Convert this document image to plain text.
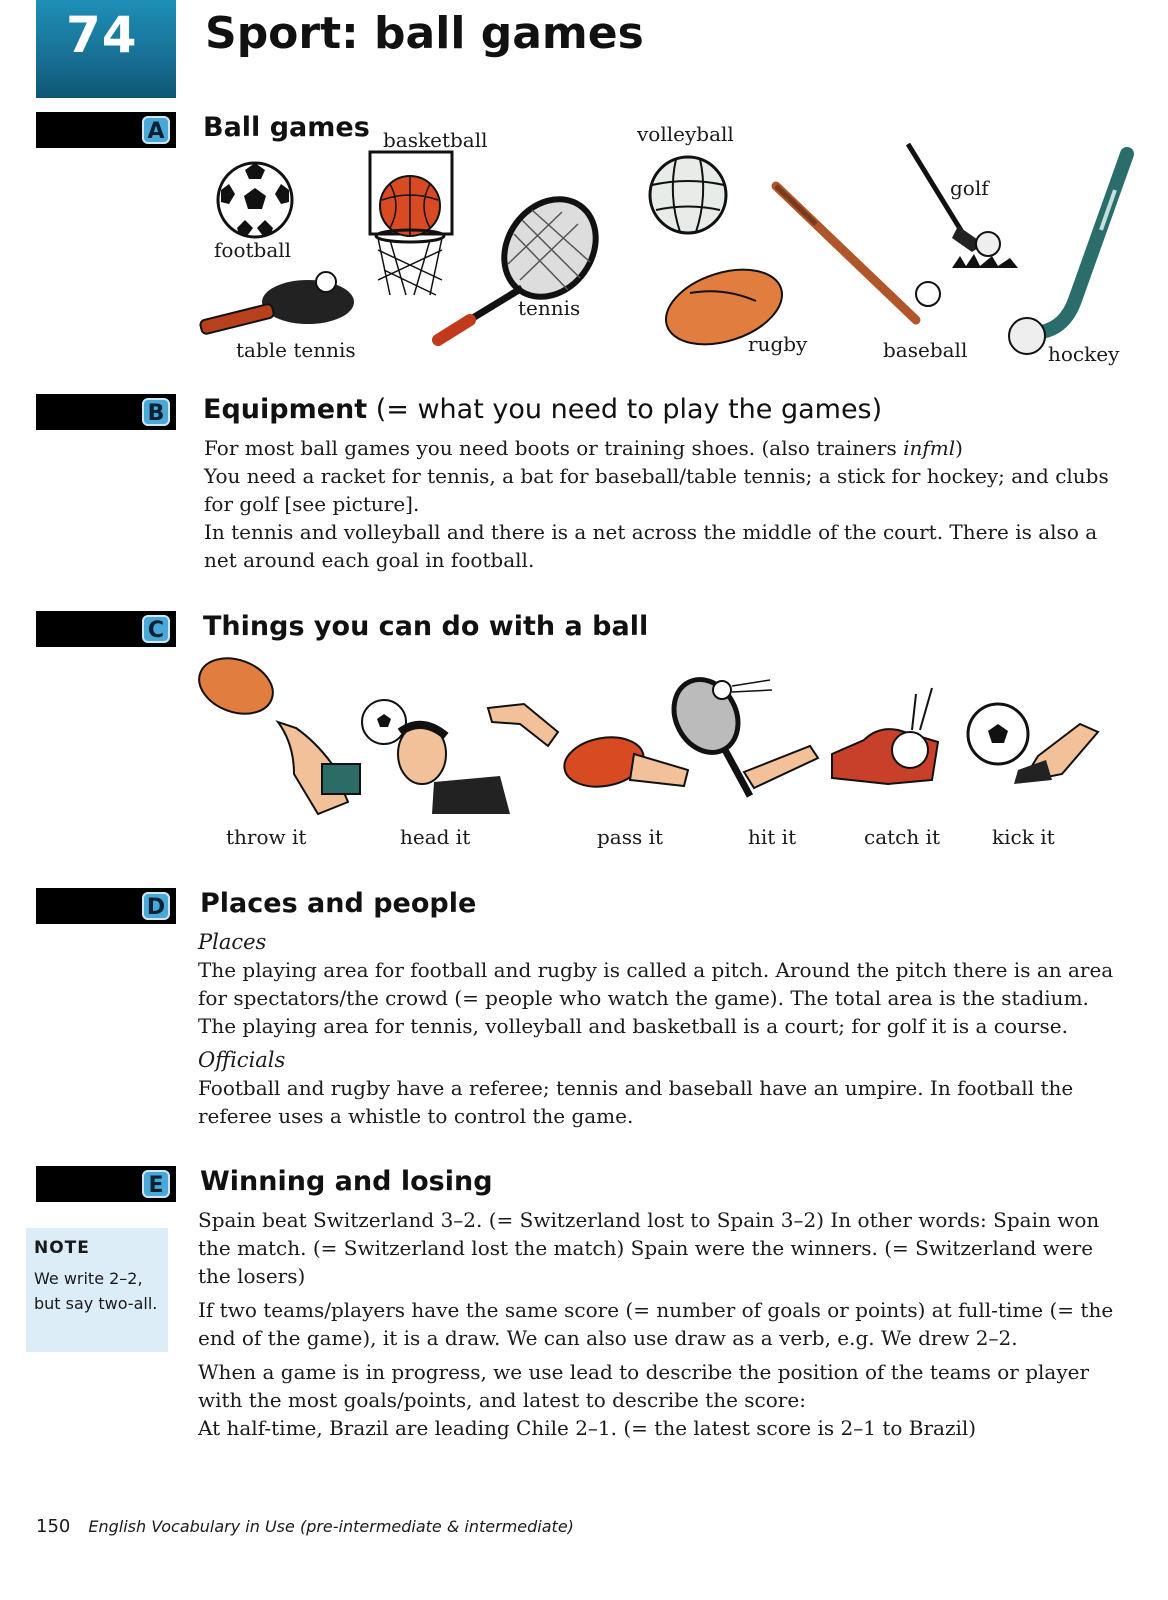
74 Sport: ball games
A Ball games
football
basketball	volleyball
golf
table tennis
tennis
rugby	baseball	hockey
B Equipment (= what you need to play the games)

For most ball games you need boots or training shoes. (also trainers infml)

You need a racket for tennis, a bat for baseball/table tennis; a stick for hockey; and clubs for golf [see picture].

In tennis and volleyball and there is a net across the middle of the court. There is also a net around each goal in football.

C Things you can do with a ball
throw it	head it	pass it	hit it	catch it	kick it
D Places and people

Places

The playing area for football and rugby is called a pitch. Around the pitch there is an area for spectators/the crowd (= people who watch the game). The total area is the stadium. The playing area for tennis, volleyball and basketball is a court; for golf it is a course.

Officials

Football and rugby have a referee; tennis and baseball have an umpire. In football the referee uses a whistle to control the game.

E Winning and losing

Spain beat Switzerland 3–2. (= Switzerland lost to Spain 3–2) In other words: Spain won the match. (= Switzerland lost the match) Spain were the winners. (= Switzerland were the losers)

If two teams/players have the same score (= number of goals or points) at full-time (= the end of the game), it is a draw. We can also use draw as a verb, e.g. We drew 2–2.

When a game is in progress, we use lead to describe the position of the teams or player with the most goals/points, and latest to describe the score:

At half-time, Brazil are leading Chile 2–1. (= the latest score is 2–1 to Brazil)

NOTE
We write 2–2, but say two-all.
150 English Vocabulary in Use (pre-intermediate & intermediate)
